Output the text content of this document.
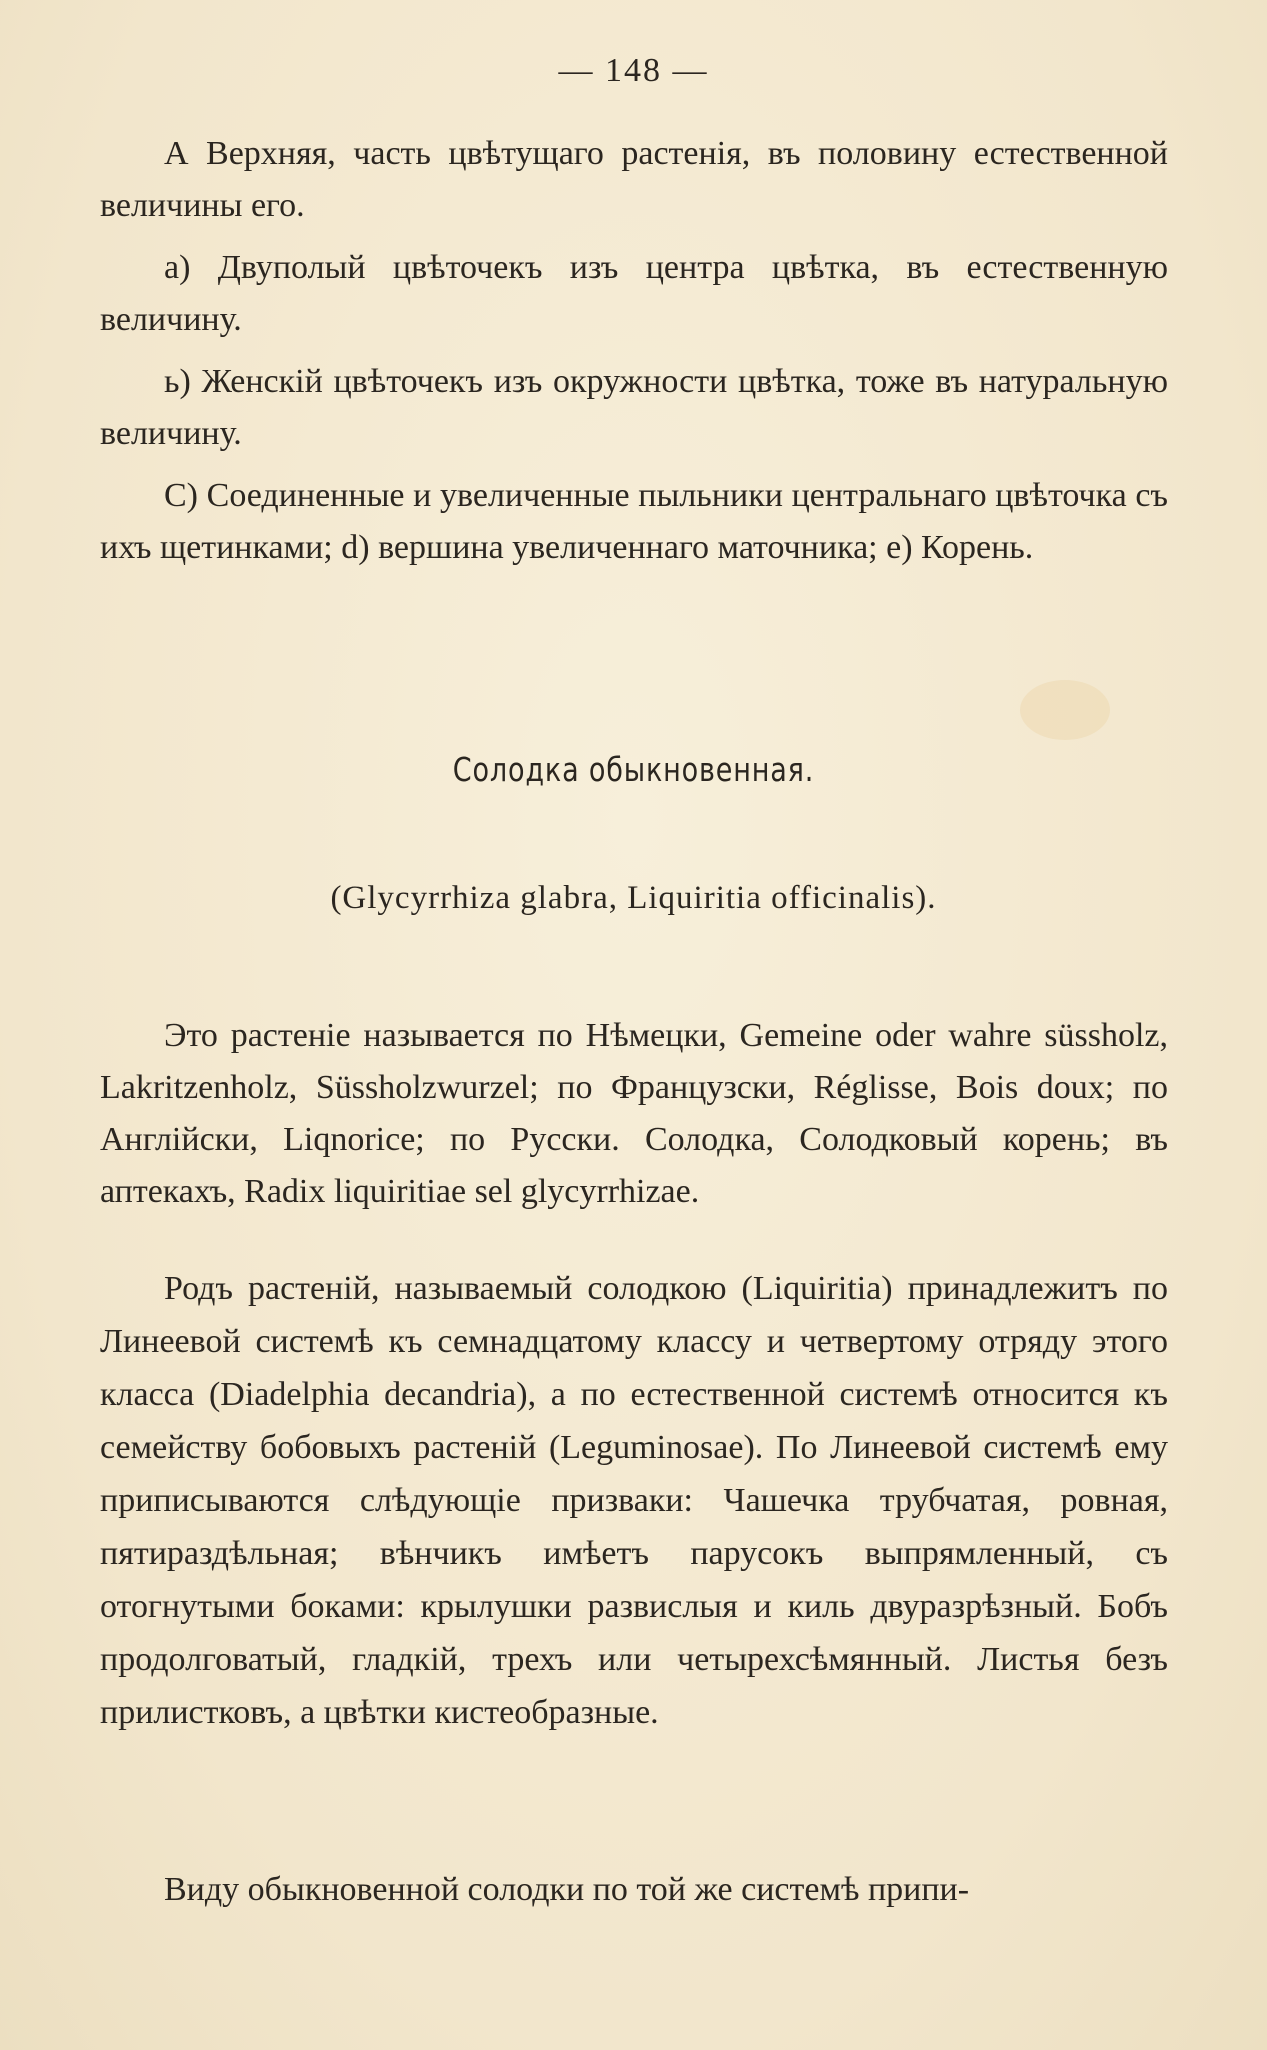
— 148 —

А Верхняя, часть цвѣтущаго растенія, въ половину естественной величины его.

а) Двуполый цвѣточекъ изъ центра цвѣтка, въ естественную величину.

ь) Женскій цвѣточекъ изъ окружности цвѣтка, тоже въ натуральную величину.

С) Соединенные и увеличенные пыльники центральнаго цвѣточка съ ихъ щетинками; d) вершина увеличеннаго маточника; е) Корень.

Солодка обыкновенная.
(Glycyrrhiza glabra, Liquiritia officinalis).

Это растеніе называется по Нѣмецки, Gemeine oder wahre süssholz, Lakritzenholz, Süssholzwurzel; по Французски, Réglisse, Bois doux; по Англійски, Liqnorice; по Русски. Солодка, Солодковый корень; въ аптекахъ, Radix liquiritiae sel glycyrrhizae.

Родъ растеній, называемый солодкою (Liquiritia) принадлежитъ по Линеевой системѣ къ семнадцатому классу и четвертому отряду этого класса (Diadelphia decandria), а по естественной системѣ относится къ семейству бобовыхъ растеній (Leguminosae). По Линеевой системѣ ему приписываются слѣдующіе призваки: Чашечка трубчатая, ровная, пятираздѣльная; вѣнчикъ имѣетъ парусокъ выпрямленный, съ отогнутыми боками: крылушки развислыя и киль двуразрѣзный. Бобъ продолговатый, гладкій, трехъ или четырехсѣмянный. Листья безъ прилистковъ, а цвѣтки кистеобразные.

Виду обыкновенной солодки по той же системѣ припи-
